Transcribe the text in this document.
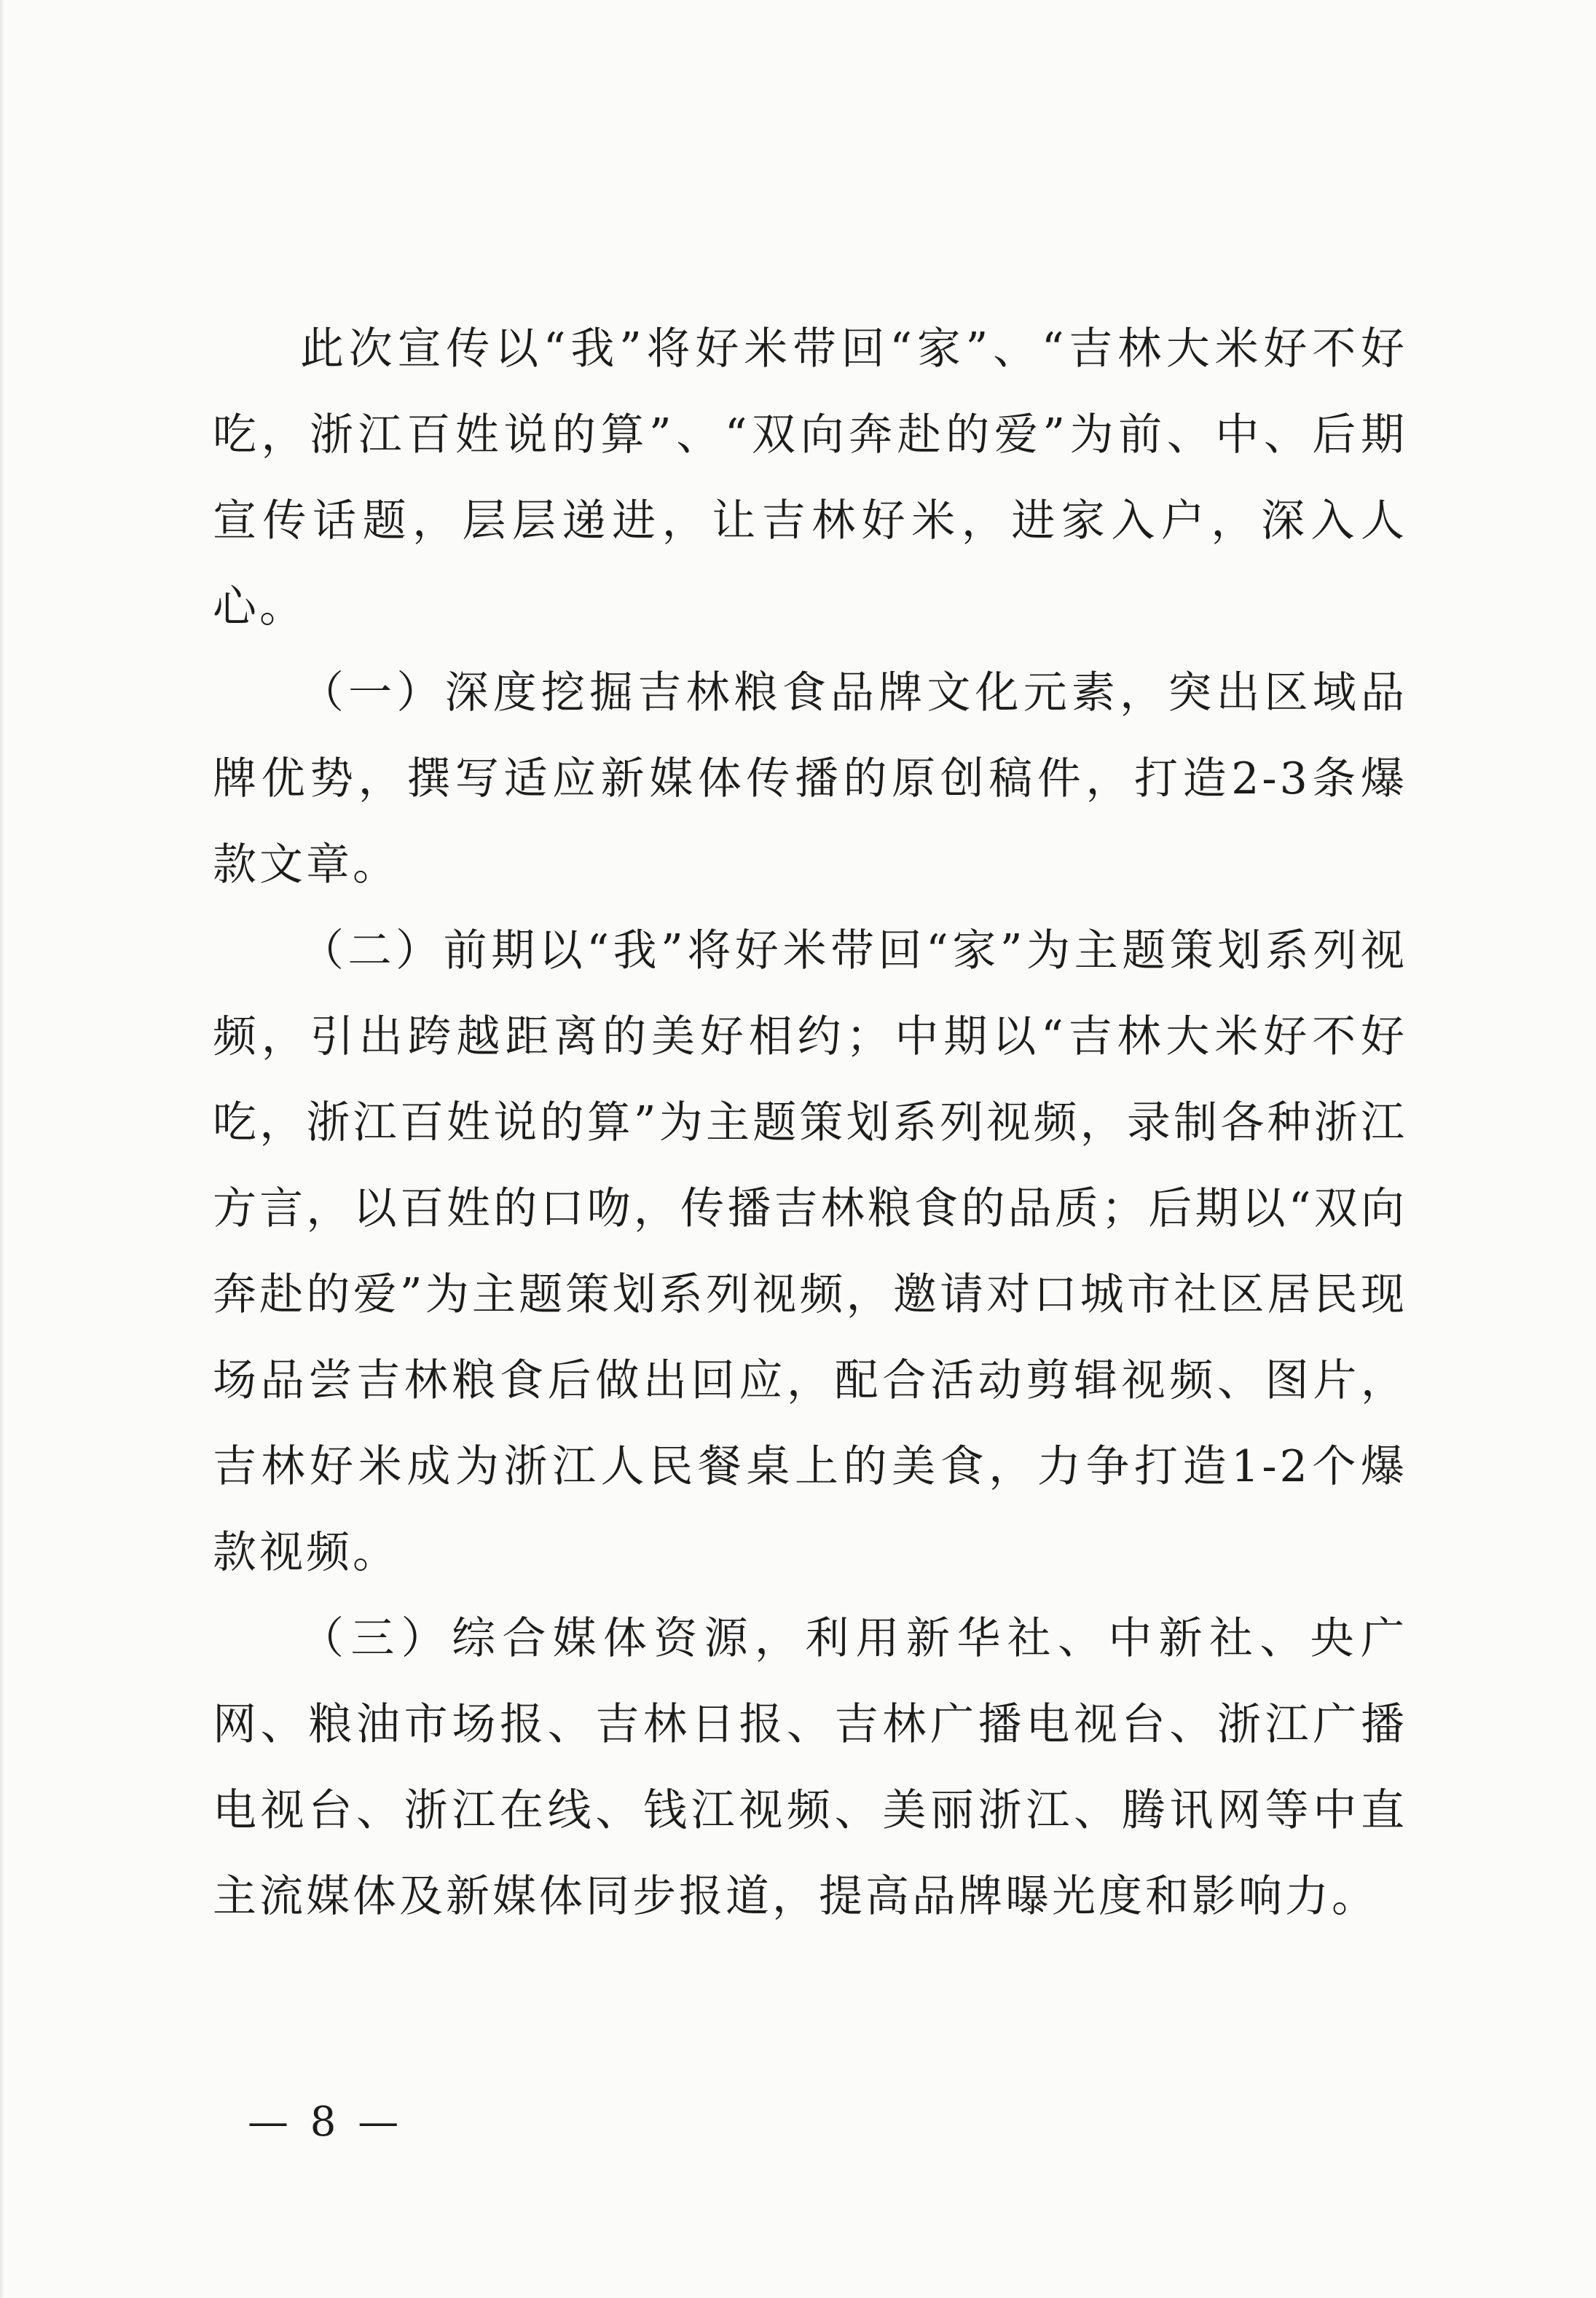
此次宣传以“我”将好米带回“家”、“吉林大米好不好吃，浙江百姓说的算”、“双向奔赴的爱”为前、中、后期宣传话题，层层递进，让吉林好米，进家入户，深入人心。

（一）深度挖掘吉林粮食品牌文化元素，突出区域品牌优势，撰写适应新媒体传播的原创稿件，打造2-3条爆款文章。

（二）前期以“我”将好米带回“家”为主题策划系列视频，引出跨越距离的美好相约；中期以“吉林大米好不好吃，浙江百姓说的算”为主题策划系列视频，录制各种浙江方言，以百姓的口吻，传播吉林粮食的品质；后期以“双向奔赴的爱”为主题策划系列视频，邀请对口城市社区居民现场品尝吉林粮食后做出回应，配合活动剪辑视频、图片，吉林好米成为浙江人民餐桌上的美食，力争打造1-2个爆款视频。

（三）综合媒体资源，利用新华社、中新社、央广网、粮油市场报、吉林日报、吉林广播电视台、浙江广播电视台、浙江在线、钱江视频、美丽浙江、腾讯网等中直主流媒体及新媒体同步报道，提高品牌曝光度和影响力。

— 8 —
